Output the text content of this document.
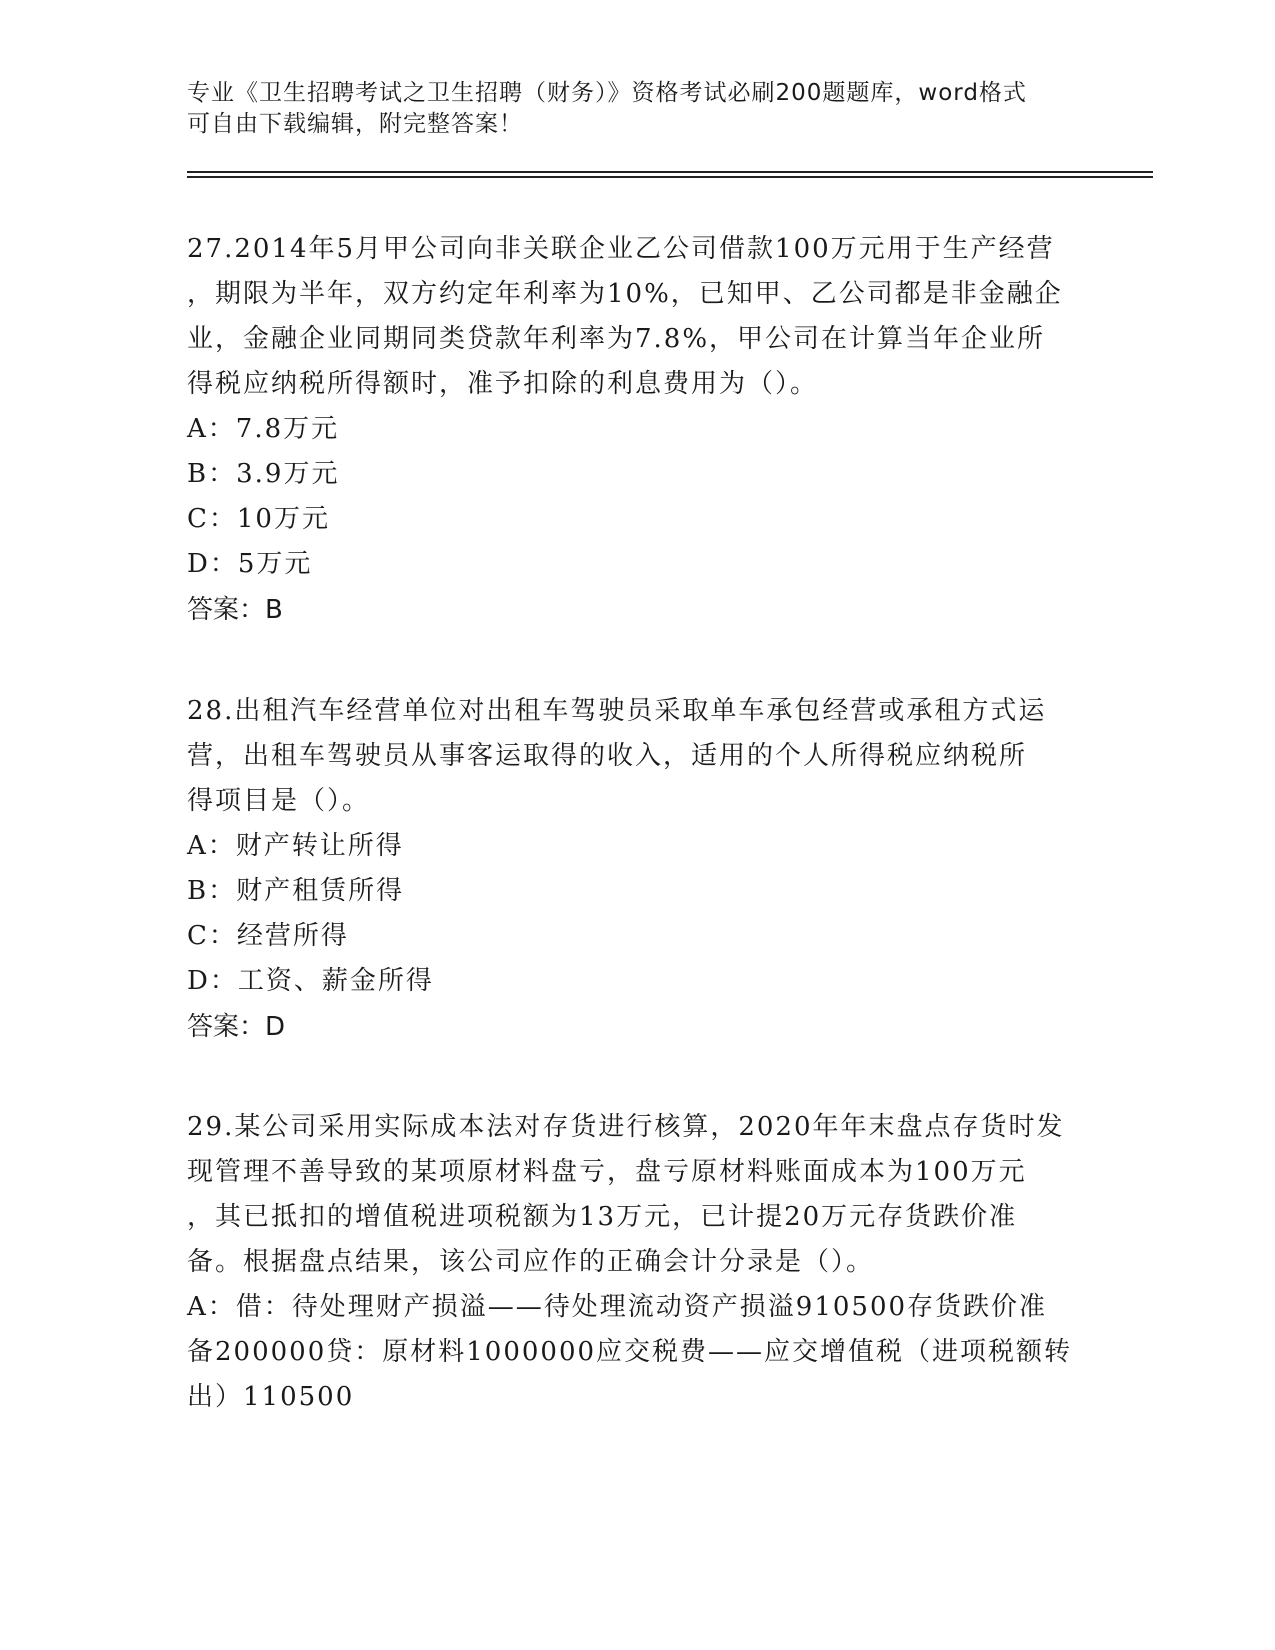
专业《卫生招聘考试之卫生招聘（财务）》资格考试必刷200题题库，word格式
可自由下载编辑，附完整答案！
27.2014年5月甲公司向非关联企业乙公司借款100万元用于生产经营
，期限为半年，双方约定年利率为10%，已知甲、乙公司都是非金融企
业，金融企业同期同类贷款年利率为7.8%，甲公司在计算当年企业所
得税应纳税所得额时，准予扣除的利息费用为（）。
A：7.8万元
B：3.9万元
C：10万元
D：5万元
答案：B
28.出租汽车经营单位对出租车驾驶员采取单车承包经营或承租方式运
营，出租车驾驶员从事客运取得的收入，适用的个人所得税应纳税所
得项目是（）。
A：财产转让所得
B：财产租赁所得
C：经营所得
D：工资、薪金所得
答案：D
29.某公司采用实际成本法对存货进行核算，2020年年末盘点存货时发
现管理不善导致的某项原材料盘亏，盘亏原材料账面成本为100万元
，其已抵扣的增值税进项税额为13万元，已计提20万元存货跌价准
备。根据盘点结果，该公司应作的正确会计分录是（）。
A：借：待处理财产损溢——待处理流动资产损溢910500存货跌价准
备200000贷：原材料1000000应交税费——应交增值税（进项税额转
出）110500
